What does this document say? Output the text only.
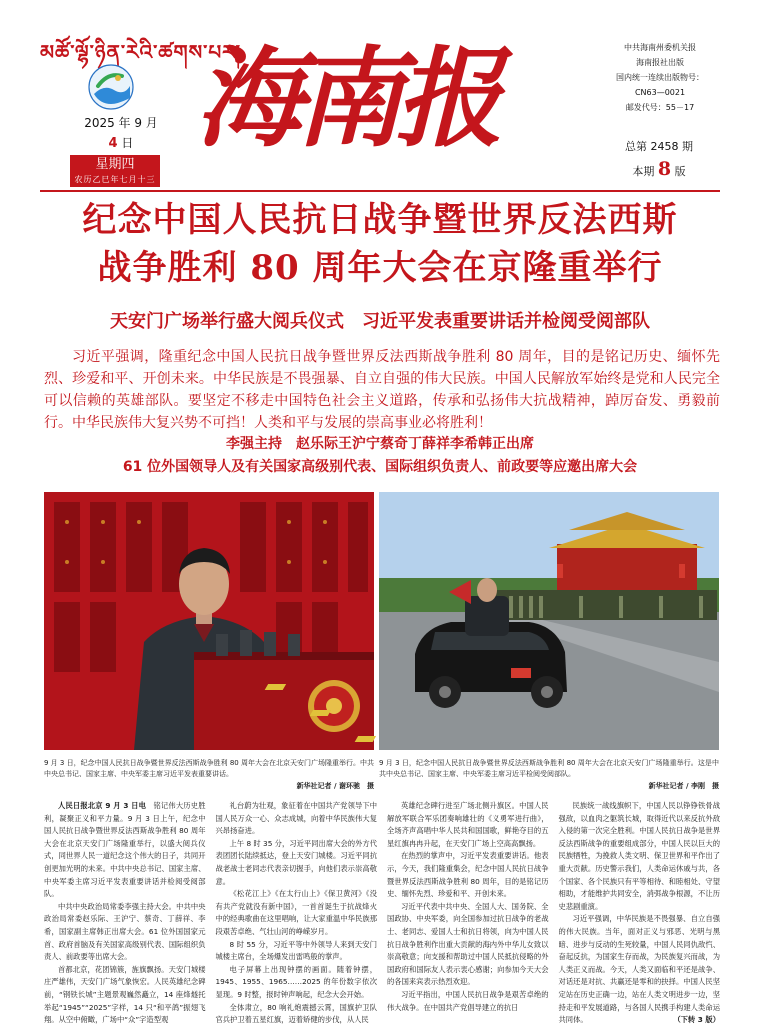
མཚོ་ལྷོ་ཉིན་རེའི་ཚགས་པར།
2025 年 9 月
4 日
星期四
农历乙巳年七月十三
海
南
报	中共海南州委机关报
海南报社出版
国内统一连续出版物号：
CN63—0021
邮发代号：55－17
总第 2458 期
本期 8 版
纪念中国人民抗日战争暨世界反法西斯
战争胜利 80 周年大会在京隆重举行
天安门广场举行盛大阅兵仪式　习近平发表重要讲话并检阅受阅部队
习近平强调，隆重纪念中国人民抗日战争暨世界反法西斯战争胜利 80 周年，目的是铭记历史、缅怀先烈、珍爱和平、开创未来。中华民族是不畏强暴、自立自强的伟大民族。中国人民解放军始终是党和人民完全可以信赖的英雄部队。要坚定不移走中国特色社会主义道路，传承和弘扬伟大抗战精神，踔厉奋发、勇毅前行。中华民族伟大复兴势不可挡！人类和平与发展的崇高事业必将胜利！
李强主持　赵乐际王沪宁蔡奇丁薛祥李希韩正出席
61 位外国领导人及有关国家高级别代表、国际组织负责人、前政要等应邀出席大会
9 月 3 日，纪念中国人民抗日战争暨世界反法西斯战争胜利 80 周年大会在北京天安门广场隆重举行。中共中央总书记、国家主席、中央军委主席习近平发表重要讲话。
新华社记者 / 谢环驰　摄
9 月 3 日，纪念中国人民抗日战争暨世界反法西斯战争胜利 80 周年大会在北京天安门广场隆重举行。这是中共中央总书记、国家主席、中央军委主席习近平检阅受阅部队。
新华社记者 / 李刚　摄

人民日报北京 9 月 3 日电　 铭记伟大历史胜利，凝聚正义和平力量。9 月 3 日上午，纪念中国人民抗日战争暨世界反法西斯战争胜利 80 周年大会在北京天安门广场隆重举行，以盛大阅兵仪式，同世界人民一道纪念这个伟大的日子，共同开创更加光明的未来。中共中央总书记、国家主席、中央军委主席习近平发表重要讲话并检阅受阅部队。

中共中央政治局常委李强主持大会。中共中央政治局常委赵乐际、王沪宁、蔡奇、丁薛祥、李希，国家副主席韩正出席大会。61 位外国国家元首、政府首脑及有关国家高级别代表、国际组织负责人、前政要等出席大会。

首都北京，花团锦簇，旌旗飘扬。天安门城楼庄严雄伟，天安门广场气象恢宏。人民英雄纪念碑前，“钢铁长城”主题景观巍然矗立，14 座烽燧托举起“1945”“2025”字样，14 只“和平鸽”振翅飞翔。从空中俯瞰，广场中“众”字造型观

礼台蔚为壮观，象征着在中国共产党领导下中国人民万众一心、众志成城，向着中华民族伟大复兴昂扬奋进。

上午 8 时 35 分，习近平同出席大会的外方代表团团长陆续抵达，登上天安门城楼。习近平同抗战老战士老同志代表亲切握手，向他们表示崇高敬意。

《松花江上》《在太行山上》《保卫黄河》《没有共产党就没有新中国》，一首首诞生于抗战烽火中的经典歌曲在这里唱响，让大家重温中华民族那段艰苦卓绝、气壮山河的峥嵘岁月。

8 时 55 分，习近平等中外领导人来到天安门城楼主席台，全场爆发出雷鸣般的掌声。

电子屏幕上出现钟摆的画面。随着钟摆，1945、1955、1965……2025 的年份数字依次显现。9 时整，报时钟声响起，纪念大会开始。

全体肃立，80 响礼炮震撼云霄，国旗护卫队官兵护卫着五星红旗，迈着矫健的步伐，从人民

英雄纪念碑行进至广场北侧升旗区。中国人民解放军联合军乐团奏响雄壮的《义勇军进行曲》，全场齐声高唱中华人民共和国国歌，鲜艳夺目的五星红旗冉冉升起，在天安门广场上空高高飘扬。

在热烈的掌声中，习近平发表重要讲话。他表示，今天，我们隆重集会，纪念中国人民抗日战争暨世界反法西斯战争胜利 80 周年，目的是铭记历史、缅怀先烈、珍爱和平、开创未来。

习近平代表中共中央、全国人大、国务院、全国政协、中央军委，向全国参加过抗日战争的老战士、老同志、爱国人士和抗日将领，向为中国人民抗日战争胜利作出重大贡献的海内外中华儿女致以崇高敬意；向支援和帮助过中国人民抵抗侵略的外国政府和国际友人表示衷心感谢；向参加今天大会的各国来宾表示热烈欢迎。

习近平指出，中国人民抗日战争是艰苦卓绝的伟大战争。在中国共产党倡导建立的抗日

民族统一战线旗帜下，中国人民以铮铮铁骨战强敌，以血肉之躯筑长城，取得近代以来反抗外敌入侵的第一次完全胜利。中国人民抗日战争是世界反法西斯战争的重要组成部分，中国人民以巨大的民族牺牲，为挽救人类文明、保卫世界和平作出了重大贡献。历史警示我们，人类命运休戚与共，各个国家、各个民族只有平等相待、和睦相处、守望相助，才能维护共同安全，消弭战争根源，不让历史悲剧重演。

习近平强调，中华民族是不畏强暴、自立自强的伟大民族。当年，面对正义与邪恶、光明与黑暗、进步与反动的生死较量，中国人民同仇敌忾、奋起反抗，为国家生存而战，为民族复兴而战，为人类正义而战。今天，人类又面临和平还是战争、对话还是对抗、共赢还是零和的抉择。中国人民坚定站在历史正确一边，站在人类文明进步一边，坚持走和平发展道路，与各国人民携手构建人类命运共同体。	（下转 3 版）
